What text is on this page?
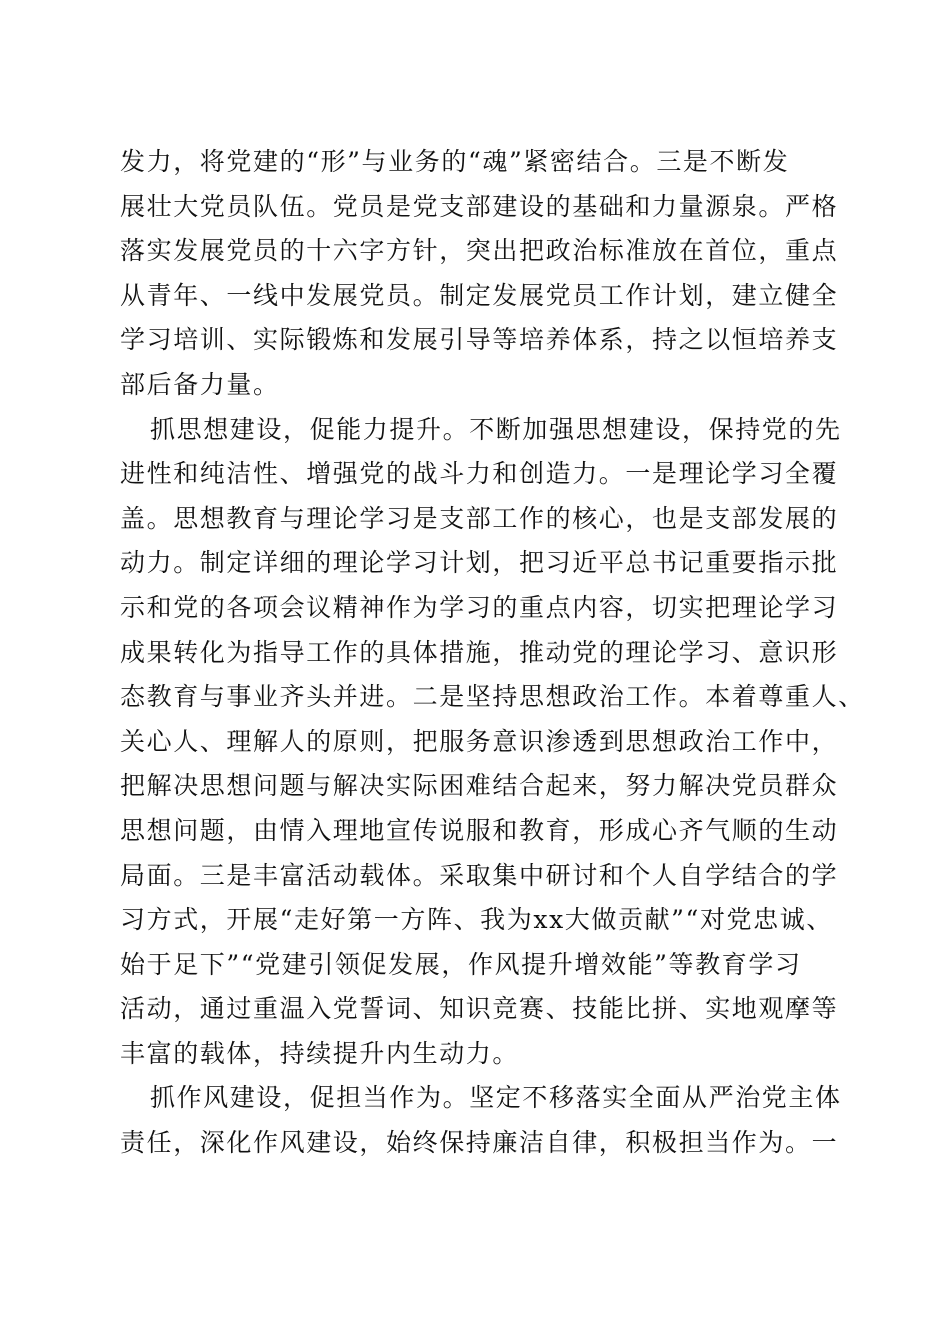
发力，将党建的“形”与业务的“魂”紧密结合。三是不断发
展壮大党员队伍。党员是党支部建设的基础和力量源泉。严格
落实发展党员的十六字方针，突出把政治标准放在首位，重点
从青年、一线中发展党员。制定发展党员工作计划，建立健全
学习培训、实际锻炼和发展引导等培养体系，持之以恒培养支
部后备力量。
抓思想建设，促能力提升。不断加强思想建设，保持党的先
进性和纯洁性、增强党的战斗力和创造力。一是理论学习全覆
盖。思想教育与理论学习是支部工作的核心，也是支部发展的
动力。制定详细的理论学习计划，把习近平总书记重要指示批
示和党的各项会议精神作为学习的重点内容，切实把理论学习
成果转化为指导工作的具体措施，推动党的理论学习、意识形
态教育与事业齐头并进。二是坚持思想政治工作。本着尊重人、
关心人、理解人的原则，把服务意识渗透到思想政治工作中，
把解决思想问题与解决实际困难结合起来，努力解决党员群众
思想问题，由情入理地宣传说服和教育，形成心齐气顺的生动
局面。三是丰富活动载体。采取集中研讨和个人自学结合的学
习方式，开展“走好第一方阵、我为xx大做贡献”“对党忠诚、
始于足下”“党建引领促发展，作风提升增效能”等教育学习
活动，通过重温入党誓词、知识竞赛、技能比拼、实地观摩等
丰富的载体，持续提升内生动力。
抓作风建设，促担当作为。坚定不移落实全面从严治党主体
责任，深化作风建设，始终保持廉洁自律，积极担当作为。一
